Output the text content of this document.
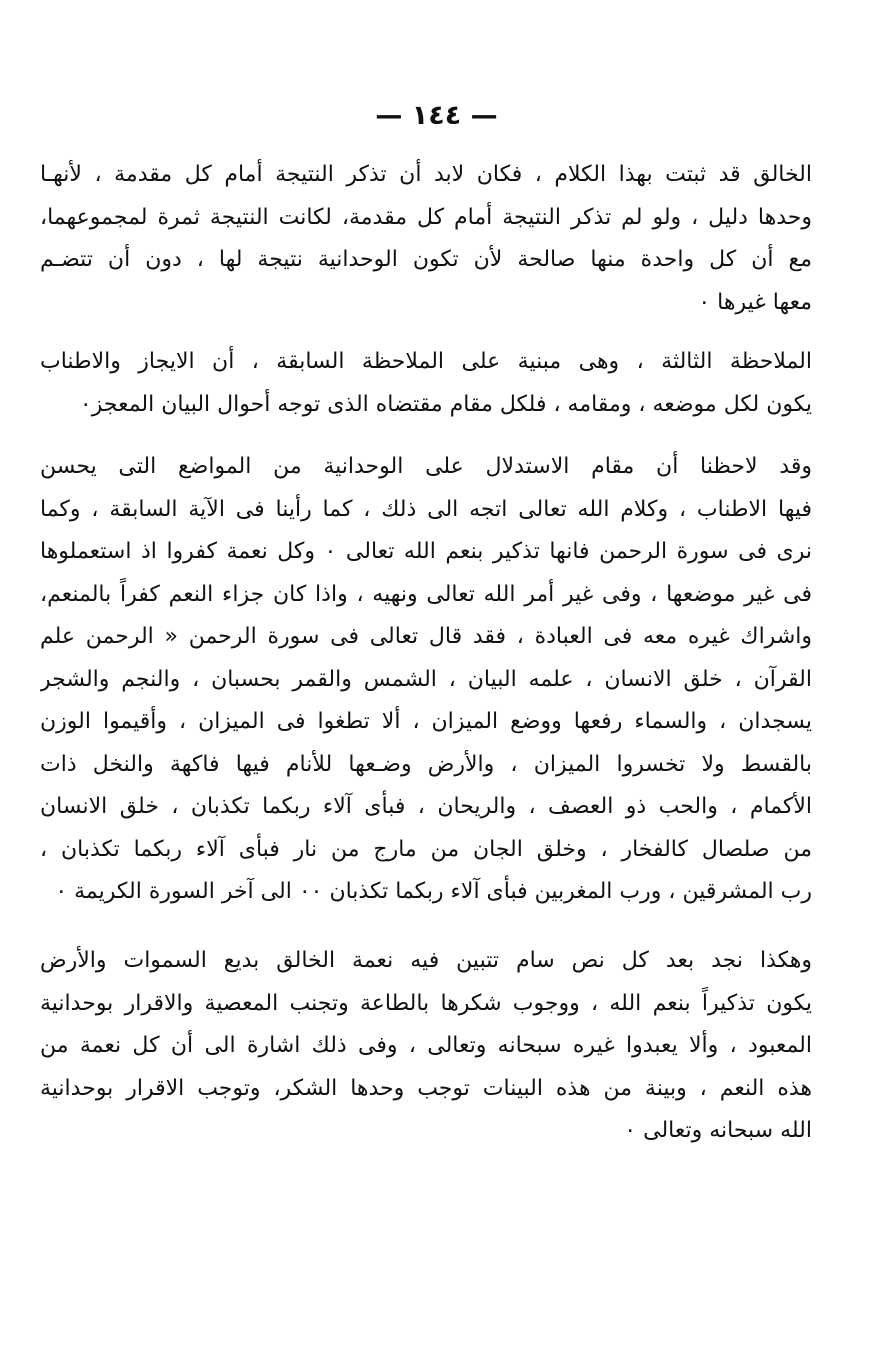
— ١٤٤ —
الخالق قد ثبتت بهذا الكلام ، فكان لابد أن تذكر النتيجة أمام كل مقدمة ، لأنهـا
وحدها دليل ، ولو لم تذكر النتيجة أمام كل مقدمة، لكانت النتيجة ثمرة لمجموعهما،
مع أن كل واحدة منها صالحة لأن تكون الوحدانية نتيجة لها ، دون أن تتضـم
معها غيرها ٠
الملاحظة الثالثة ، وهى مبنية على الملاحظة السابقة ، أن الايجاز والاطناب
يكون لكل موضعه ، ومقامه ، فلكل مقام مقتضاه الذى توجه أحوال البيان المعجز٠
وقد لاحظنا أن مقام الاستدلال على الوحدانية من المواضع التى يحسن
فيها الاطناب ، وكلام الله تعالى اتجه الى ذلك ، كما رأينا فى الآية السابقة ، وكما
نرى فى سورة الرحمن فانها تذكير بنعم الله تعالى ٠ وكل نعمة كفروا اذ استعملوها
فى غير موضعها ، وفى غير أمر الله تعالى ونهيه ، واذا كان جزاء النعم كفراً بالمنعم،
واشراك غيره معه فى العبادة ، فقد قال تعالى فى سورة الرحمن « الرحمن علم
القرآن ، خلق الانسان ، علمه البيان ، الشمس والقمر بحسبان ، والنجم والشجر
يسجدان ، والسماء رفعها ووضع الميزان ، ألا تطغوا فى الميزان ، وأقيموا الوزن
بالقسط ولا تخسروا الميزان ، والأرض وضـعها للأنام فيها فاكهة والنخل ذات
الأكمام ، والحب ذو العصف ، والريحان ، فبأى آلاء ربكما تكذبان ، خلق الانسان
من صلصال كالفخار ، وخلق الجان من مارج من نار فبأى آلاء ربكما تكذبان ،
رب المشرقين ، ورب المغربين فبأى آلاء ربكما تكذبان ٠٠ الى آخر السورة الكريمة ٠
وهكذا نجد بعد كل نص سام تتبين فيه نعمة الخالق بديع السموات والأرض
يكون تذكيراً بنعم الله ، ووجوب شكرها بالطاعة وتجنب المعصية والاقرار بوحدانية
المعبود ، وألا يعبدوا غيره سبحانه وتعالى ، وفى ذلك اشارة الى أن كل نعمة من
هذه النعم ، وبينة من هذه البينات توجب وحدها الشكر، وتوجب الاقرار بوحدانية
الله سبحانه وتعالى ٠
